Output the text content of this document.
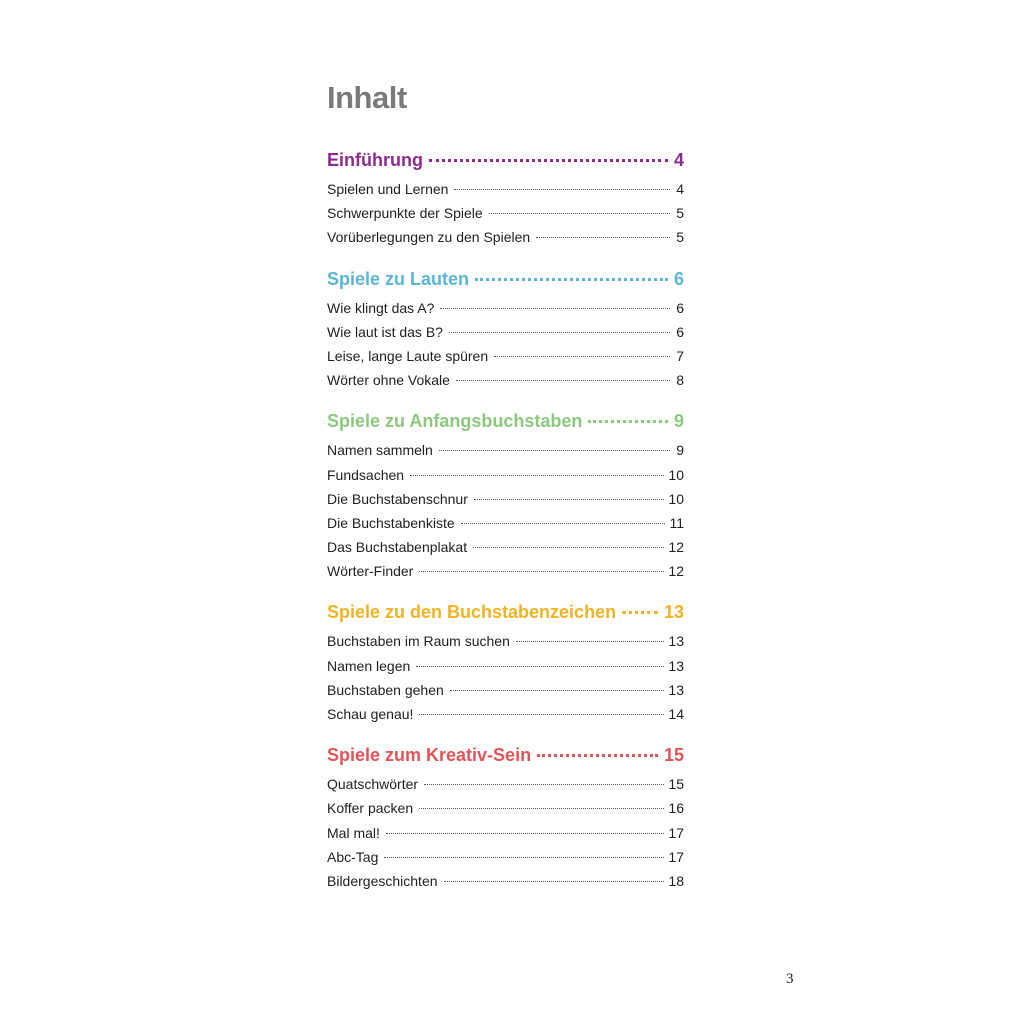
Inhalt
Einführung	4
Spielen und Lernen	4
Schwerpunkte der Spiele	5
Vorüberlegungen zu den Spielen	5
Spiele zu Lauten	6
Wie klingt das A?	6
Wie laut ist das B?	6
Leise, lange Laute spüren	7
Wörter ohne Vokale	8
Spiele zu Anfangsbuchstaben	9
Namen sammeln	9
Fundsachen	10
Die Buchstabenschnur	10
Die Buchstabenkiste	11
Das Buchstabenplakat	12
Wörter-Finder	12
Spiele zu den Buchstabenzeichen	13
Buchstaben im Raum suchen	13
Namen legen	13
Buchstaben gehen	13
Schau genau!	14
Spiele zum Kreativ-Sein	15
Quatschwörter	15
Koffer packen	16
Mal mal!	17
Abc-Tag	17
Bildergeschichten	18
3
